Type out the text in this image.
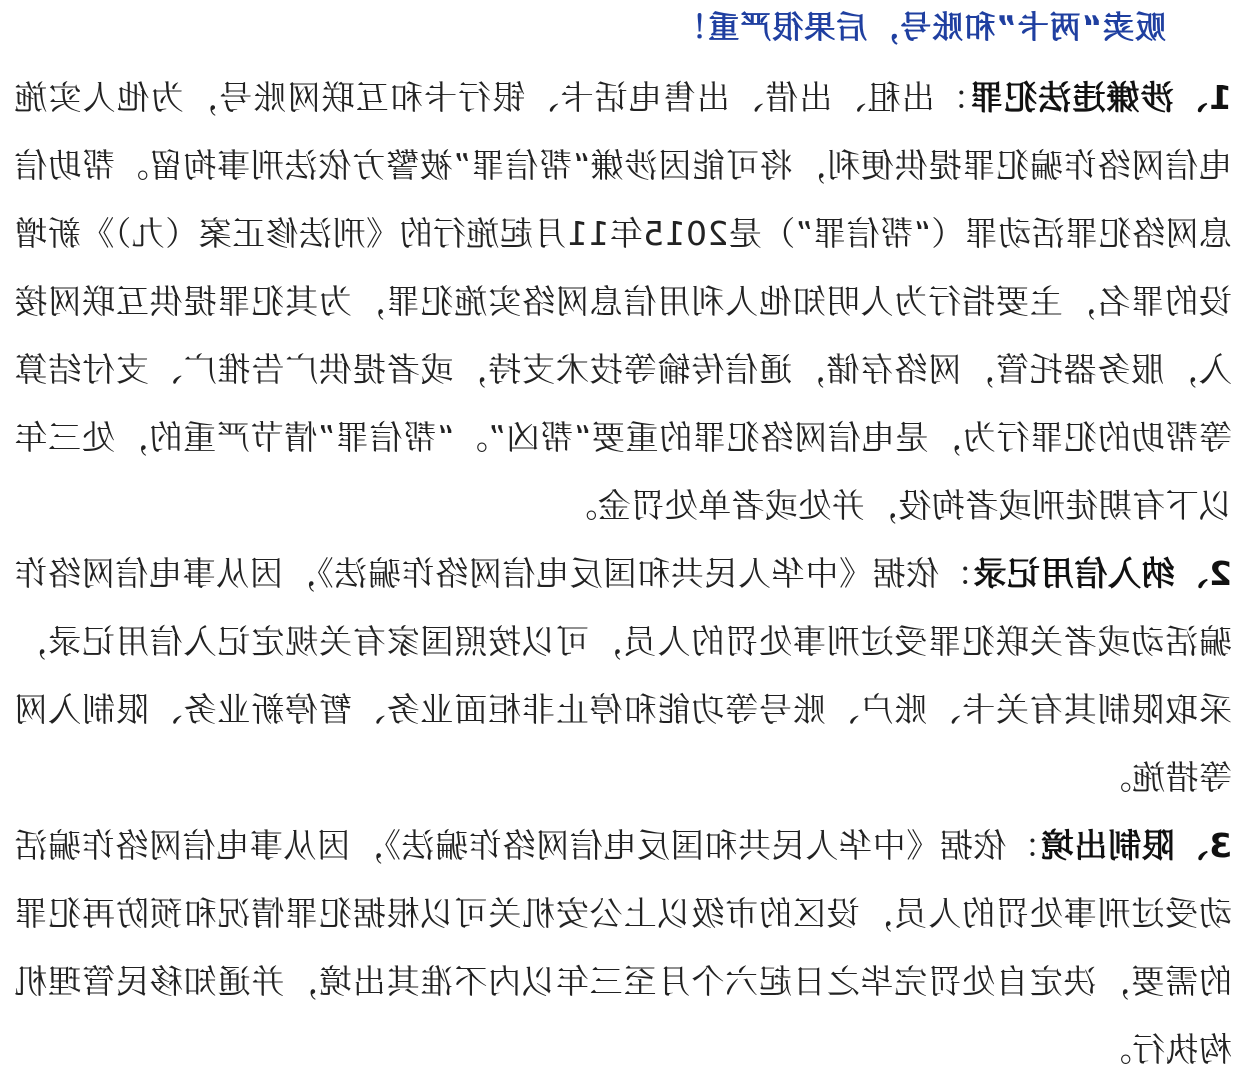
贩卖“两卡”和账号，后果很严重！

1、涉嫌违法犯罪：出租、出借、出售电话卡、银行卡和互联网账号，为他人实施电信网络诈骗犯罪提供便利，将可能因涉嫌“帮信罪”被警方依法刑事拘留。帮助信息网络犯罪活动罪（“帮信罪”）是2015年11月起施行的《刑法修正案（九）》新增设的罪名，主要指行为人明知他人利用信息网络实施犯罪，为其犯罪提供互联网接入，服务器托管，网络存储，通信传输等技术支持，或者提供广告推广、支付结算等帮助的犯罪行为，是电信网络犯罪的重要“帮凶”。“帮信罪”情节严重的，处三年以下有期徒刑或者拘役，并处或者单处罚金。

2、纳入信用记录：依据《中华人民共和国反电信网络诈骗法》，因从事电信网络诈骗活动或者关联犯罪受过刑事处罚的人员，可以按照国家有关规定记入信用记录，采取限制其有关卡、账户、账号等功能和停止非柜面业务、暂停新业务、限制入网等措施。

3、限制出境：依据《中华人民共和国反电信网络诈骗法》，因从事电信网络诈骗活动受过刑事处罚的人员，设区的市级以上公安机关可以根据犯罪情况和预防再犯罪的需要，决定自处罚完毕之日起六个月至三年以内不准其出境，并通知移民管理机构执行。
